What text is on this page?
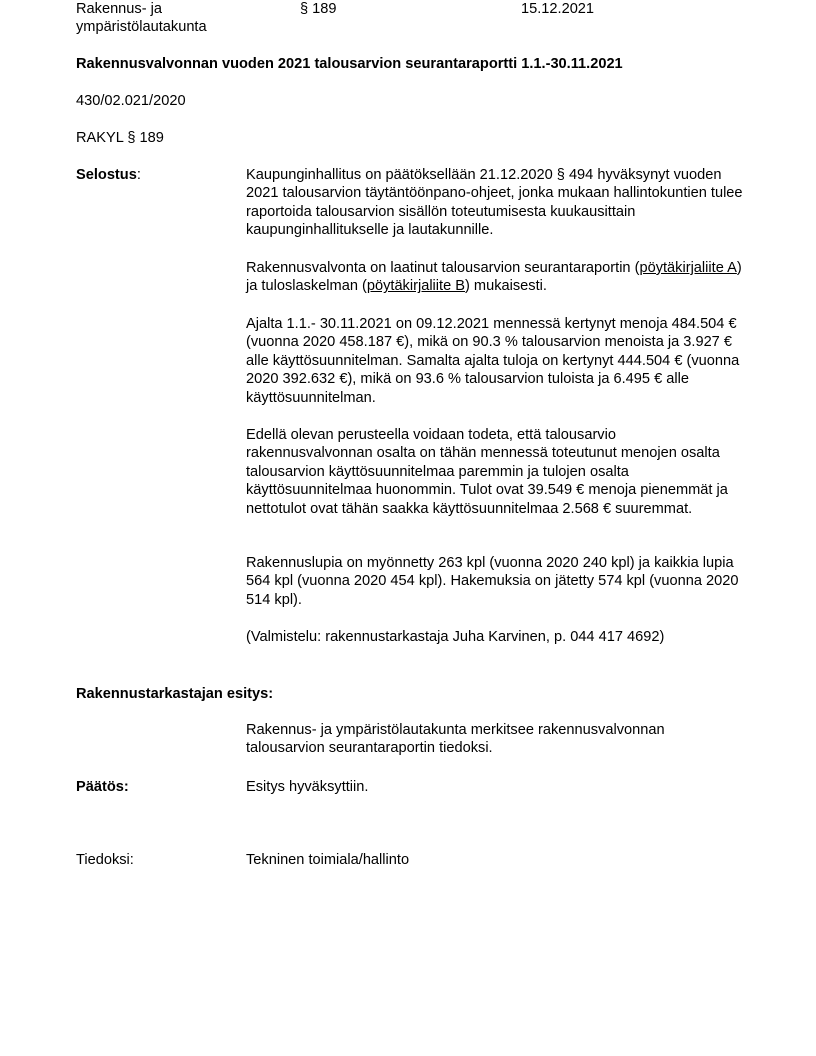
Rakennus- ja
ympäristölautakunta
§ 189	15.12.2021
Rakennusvalvonnan vuoden 2021 talousarvion seurantaraportti 1.1.-30.11.2021
430/02.021/2020
RAKYL § 189
Selostus:	Kaupunginhallitus on päätöksellään 21.12.2020 § 494 hyväksynyt vuoden 2021 talousarvion täytäntöönpano-ohjeet, jonka mukaan hallintokuntien tulee raportoida talousarvion sisällön toteutumisesta kuukausittain kaupunginhallitukselle ja lautakunnille.

Rakennusvalvonta on laatinut talousarvion seurantaraportin (pöytäkirjaliite A) ja tuloslaskelman (pöytäkirjaliite B) mukaisesti.

Ajalta 1.1.- 30.11.2021 on 09.12.2021 mennessä kertynyt menoja 484.504 € (vuonna 2020 458.187 €), mikä on 90.3 % talousarvion menoista ja 3.927 € alle käyttösuunnitelman. Samalta ajalta tuloja on kertynyt 444.504 € (vuonna 2020 392.632 €), mikä on 93.6 % talousarvion tuloista ja 6.495 € alle käyttösuunnitelman.

Edellä olevan perusteella voidaan todeta, että talousarvio rakennusvalvonnan osalta on tähän mennessä toteutunut menojen osalta talousarvion käyttösuunnitelmaa paremmin ja tulojen osalta käyttösuunnitelmaa huonommin. Tulot ovat 39.549 € menoja pienemmät ja nettotulot ovat tähän saakka käyttösuunnitelmaa 2.568 € suuremmat.

Rakennuslupia on myönnetty 263 kpl (vuonna 2020 240 kpl) ja kaikkia lupia 564 kpl (vuonna 2020 454 kpl). Hakemuksia on jätetty 574 kpl (vuonna 2020 514 kpl).

(Valmistelu: rakennustarkastaja Juha Karvinen, p. 044 417 4692)

Rakennustarkastajan esitys:
Rakennus- ja ympäristölautakunta merkitsee rakennusvalvonnan talousarvion seurantaraportin tiedoksi.
Päätös:	Esitys hyväksyttiin.
Tiedoksi:	Tekninen toimiala/hallinto
